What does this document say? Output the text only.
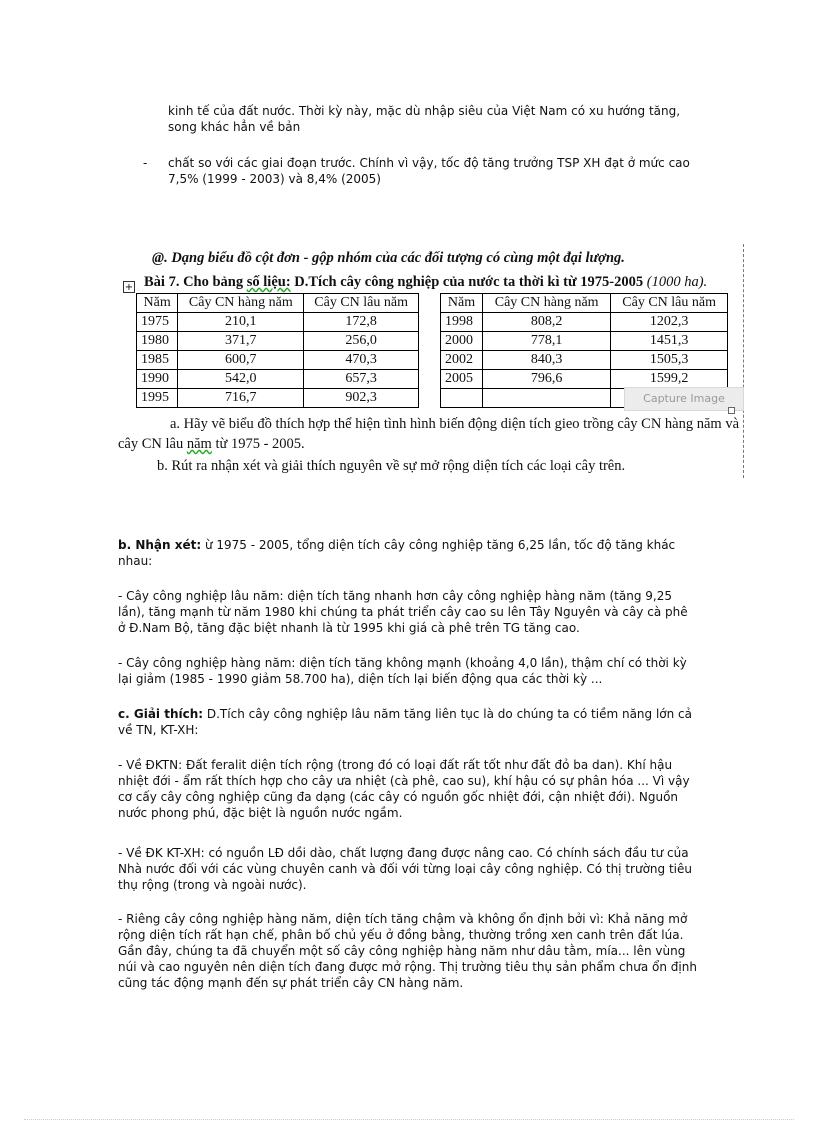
kinh tế của đất nước. Thời kỳ này, mặc dù nhập siêu của Việt Nam có xu hướng tăng, song khác hẳn về bản
- chất so với các giai đoạn trước. Chính vì vậy, tốc độ tăng trưởng TSP XH đạt ở mức cao 7,5% (1999 - 2003) và 8,4% (2005)
@. Dạng biểu đồ cột đơn - gộp nhóm của các đối tượng có cùng một đại lượng.
+ Bài 7. Cho bảng số liệu: D.Tích cây công nghiệp của nước ta thời kì từ 1975-2005 (1000 ha).
Năm	Cây CN hàng năm	Cây CN lâu năm
1975	210,1	172,8
1980	371,7	256,0
1985	600,7	470,3
1990	542,0	657,3
1995	716,7	902,3
Năm	Cây CN hàng năm	Cây CN lâu năm
1998	808,2	1202,3
2000	778,1	1451,3
2002	840,3	1505,3
2005	796,6	1599,2

Capture Image
a. Hãy vẽ biểu đồ thích hợp thể hiện tình hình biến động diện tích gieo trồng cây CN hàng năm và cây CN lâu năm từ 1975 - 2005.
b. Rút ra nhận xét và giải thích nguyên về sự mở rộng diện tích các loại cây trên.
b. Nhận xét: ừ 1975 - 2005, tổng diện tích cây công nghiệp tăng 6,25 lần, tốc độ tăng khác nhau:
- Cây công nghiệp lâu năm: diện tích tăng nhanh hơn cây công nghiệp hàng năm (tăng 9,25 lần), tăng mạnh từ năm 1980 khi chúng ta phát triển cây cao su lên Tây Nguyên và cây cà phê ở Đ.Nam Bộ, tăng đặc biệt nhanh là từ 1995 khi giá cà phê trên TG tăng cao.
- Cây công nghiệp hàng năm: diện tích tăng không mạnh (khoảng 4,0 lần), thậm chí có thời kỳ lại giảm (1985 - 1990 giảm 58.700 ha), diện tích lại biến động qua các thời kỳ ...
c. Giải thích: D.Tích cây công nghiệp lâu năm tăng liên tục là do chúng ta có tiềm năng lớn cả về TN, KT-XH:
- Về ĐKTN: Đất feralit diện tích rộng (trong đó có loại đất rất tốt như đất đỏ ba dan). Khí hậu nhiệt đới - ẩm rất thích hợp cho cây ưa nhiệt (cà phê, cao su), khí hậu có sự phân hóa ... Vì vậy cơ cấy cây công nghiệp cũng đa dạng (các cây có nguồn gốc nhiệt đới, cận nhiệt đới). Nguồn nước phong phú, đặc biệt là nguồn nước ngầm.
- Về ĐK KT-XH: có nguồn LĐ dồi dào, chất lượng đang được nâng cao. Có chính sách đầu tư của Nhà nước đối với các vùng chuyên canh và đối với từng loại cây công nghiệp. Có thị trường tiêu thụ rộng (trong và ngoài nước).
- Riêng cây công nghiệp hàng năm, diện tích tăng chậm và không ổn định bởi vì: Khả năng mở rộng diện tích rất hạn chế, phân bố chủ yếu ở đồng bằng, thường trồng xen canh trên đất lúa. Gần đây, chúng ta đã chuyển một số cây công nghiệp hàng năm như dâu tằm, mía... lên vùng núi và cao nguyên nên diện tích đang được mở rộng. Thị trường tiêu thụ sản phẩm chưa ổn định cũng tác động mạnh đến sự phát triển cây CN hàng năm.
